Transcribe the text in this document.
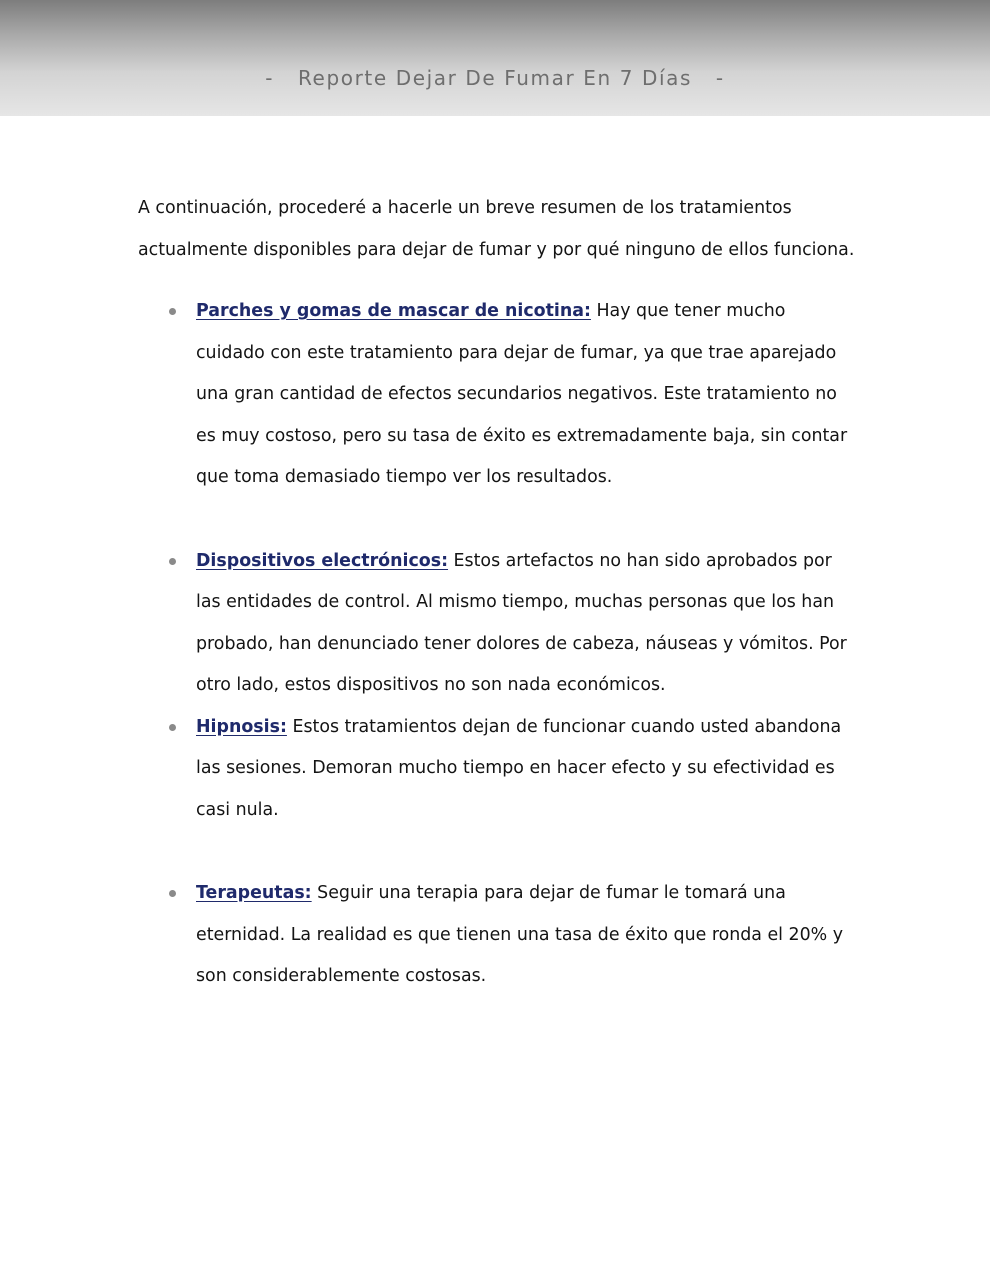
-   Reporte Dejar De Fumar En 7 Días   -

A continuación, procederé a hacerle un breve resumen de los tratamientos actualmente disponibles para dejar de fumar y por qué ninguno de ellos funciona.

Parches y gomas de mascar de nicotina: Hay que tener mucho cuidado con este tratamiento para dejar de fumar, ya que trae aparejado una gran cantidad de efectos secundarios negativos. Este tratamiento no es muy costoso, pero su tasa de éxito es extremadamente baja, sin contar que toma demasiado tiempo ver los resultados.
Dispositivos electrónicos: Estos artefactos no han sido aprobados por las entidades de control. Al mismo tiempo, muchas personas que los han probado, han denunciado tener dolores de cabeza, náuseas y vómitos. Por otro lado, estos dispositivos no son nada económicos.
Hipnosis: Estos tratamientos dejan de funcionar cuando usted abandona las sesiones. Demoran mucho tiempo en hacer efecto y su efectividad es casi nula.
Terapeutas: Seguir una terapia para dejar de fumar le tomará una eternidad. La realidad es que tienen una tasa de éxito que ronda el 20% y son considerablemente costosas.
